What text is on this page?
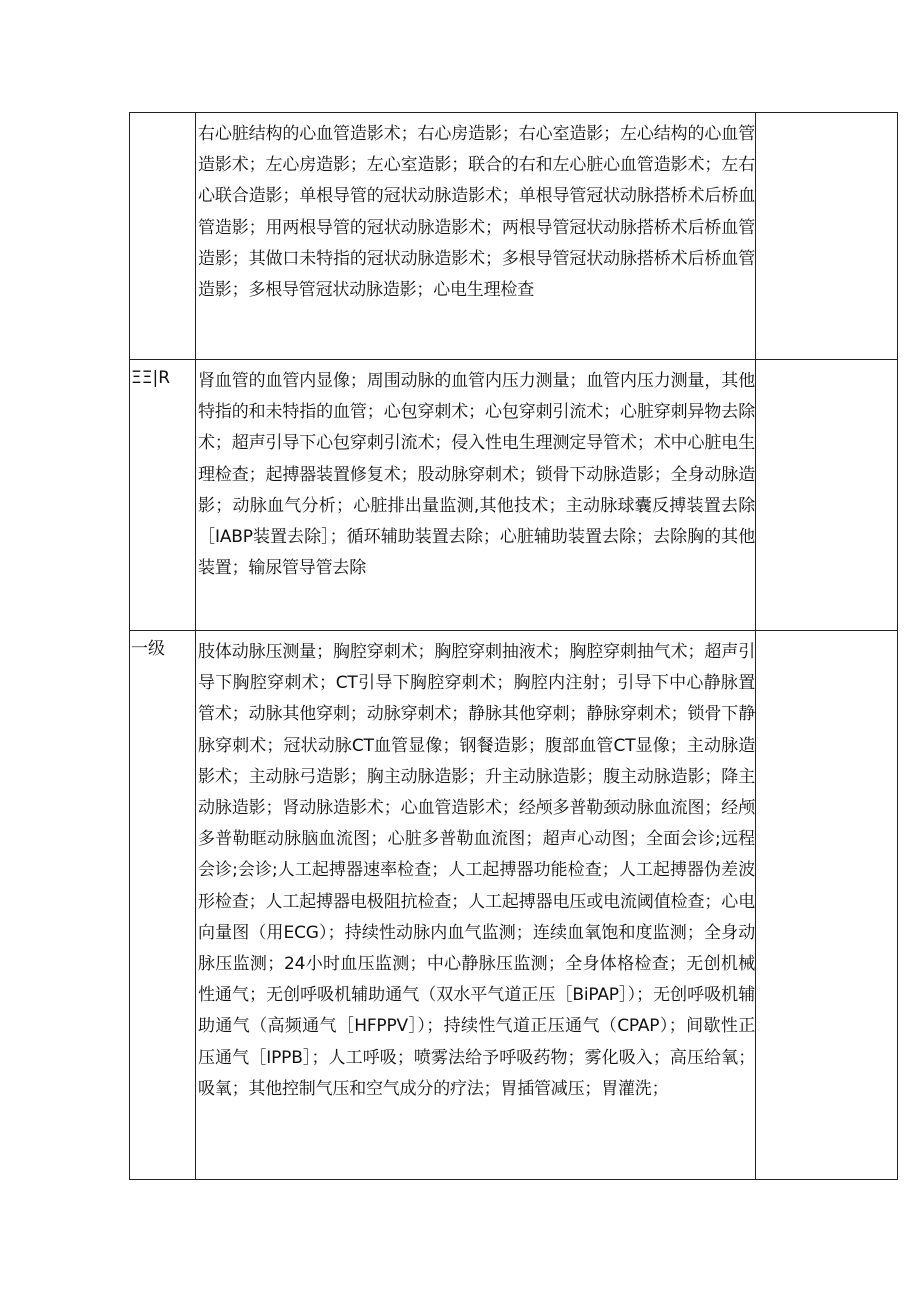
	右心脏结构的心血管造影术；右心房造影；右心室造影；左心结构的心血管造影术；左心房造影；左心室造影；联合的右和左心脏心血管造影术；左右心联合造影；单根导管的冠状动脉造影术；单根导管冠状动脉搭桥术后桥血管造影；用两根导管的冠状动脉造影术；两根导管冠状动脉搭桥术后桥血管造影；其做口未特指的冠状动脉造影术；多根导管冠状动脉搭桥术后桥血管造影；多根导管冠状动脉造影；心电生理检查	
ΞΞ|R	肾血管的血管内显像；周围动脉的血管内压力测量；血管内压力测量，其他特指的和未特指的血管；心包穿刺术；心包穿刺引流术；心脏穿刺异物去除术；超声引导下心包穿刺引流术；侵入性电生理测定导管术；术中心脏电生理检查；起搏器装置修复术；股动脉穿刺术；锁骨下动脉造影；全身动脉造影；动脉血气分析；心脏排出量监测,其他技术；主动脉球囊反搏装置去除［IABP装置去除］；循环辅助装置去除；心脏辅助装置去除；去除胸的其他装置；输尿管导管去除	
一级	肢体动脉压测量；胸腔穿刺术；胸腔穿刺抽液术；胸腔穿刺抽气术；超声引导下胸腔穿刺术；CT引导下胸腔穿刺术；胸腔内注射；引导下中心静脉置管术；动脉其他穿刺；动脉穿刺术；静脉其他穿刺；静脉穿刺术；锁骨下静脉穿刺术；冠状动脉CT血管显像；钢餐造影；腹部血管CT显像；主动脉造影术；主动脉弓造影；胸主动脉造影；升主动脉造影；腹主动脉造影；降主动脉造影；肾动脉造影术；心血管造影术；经颅多普勒颈动脉血流图；经颅多普勒眶动脉脑血流图；心脏多普勒血流图；超声心动图；全面会诊;远程会诊;会诊;人工起搏器速率检查；人工起搏器功能检查；人工起搏器伪差波形检查；人工起搏器电极阻抗检查；人工起搏器电压或电流阈值检查；心电向量图（用ECG）；持续性动脉内血气监测；连续血氧饱和度监测；全身动脉压监测；24小时血压监测；中心静脉压监测；全身体格检查；无创机械性通气；无创呼吸机辅助通气（双水平气道正压［BiPAP］）；无创呼吸机辅助通气（高频通气［HFPPV］）；持续性气道正压通气（CPAP）；间歇性正压通气［IPPB］；人工呼吸；喷雾法给予呼吸药物；雾化吸入；高压给氧；吸氧；其他控制气压和空气成分的疗法；胃插管减压；胃灌洗；	
